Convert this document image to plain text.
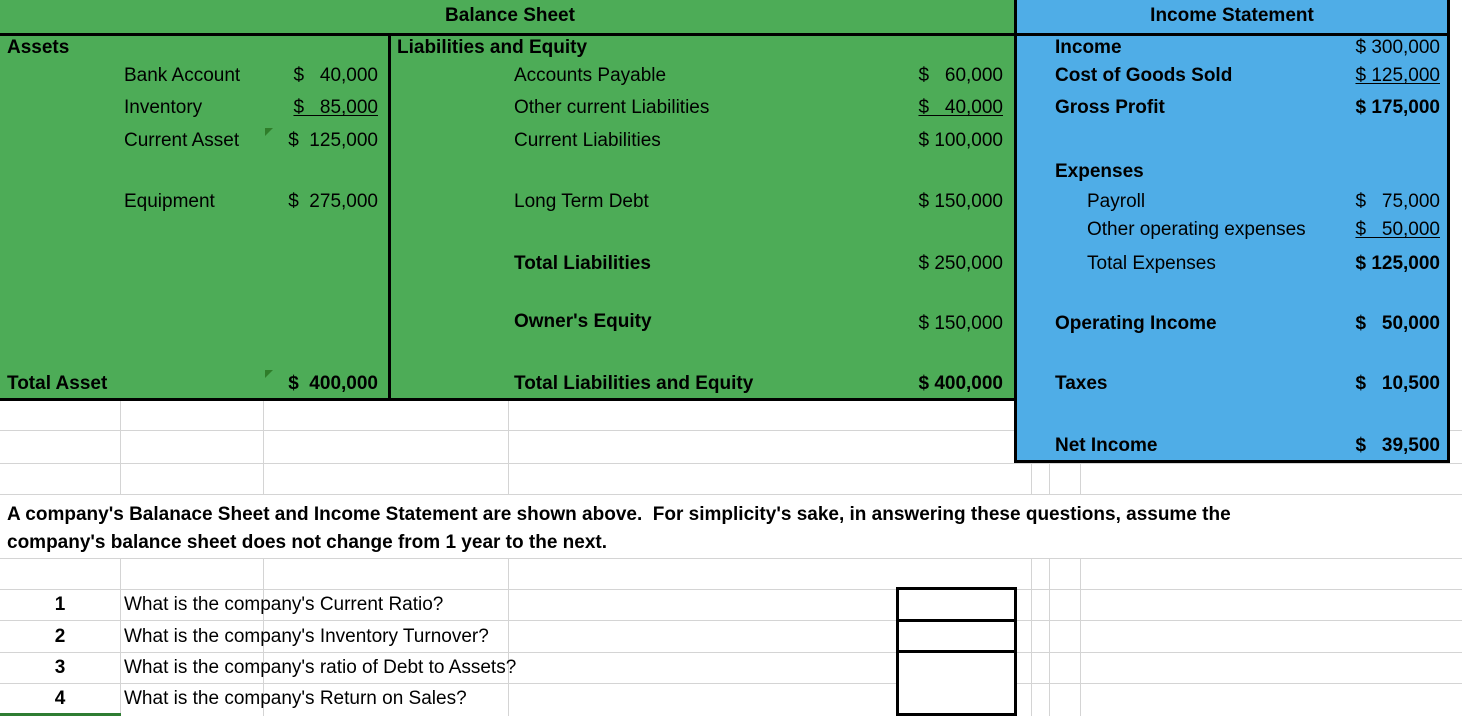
Balance Sheet
Assets
Bank Account	$   40,000
Inventory	$   85,000
Current Asset	$  125,000
Equipment	$  275,000
Total Asset	$  400,000
Liabilities and Equity
Accounts Payable	$   60,000
Other current Liabilities	$   40,000
Current Liabilities	$ 100,000
Long Term Debt	$ 150,000
Total Liabilities	$ 250,000
Owner's Equity	$ 150,000
Total Liabilities and Equity	$ 400,000
Income Statement
Income	$ 300,000
Cost of Goods Sold	$ 125,000
Gross Profit	$ 175,000
Expenses
Payroll	$   75,000
Other operating expenses	$   50,000
Total Expenses	$ 125,000
Operating Income	$   50,000
Taxes	$   10,500
Net Income	$   39,500
A company's Balanace Sheet and Income Statement are shown above.  For simplicity's sake, in answering these questions, assume the
company's balance sheet does not change from 1 year to the next.
1	What is the company's Current Ratio?
2	What is the company's Inventory Turnover?
3	What is the company's ratio of Debt to Assets?
4	What is the company's Return on Sales?
